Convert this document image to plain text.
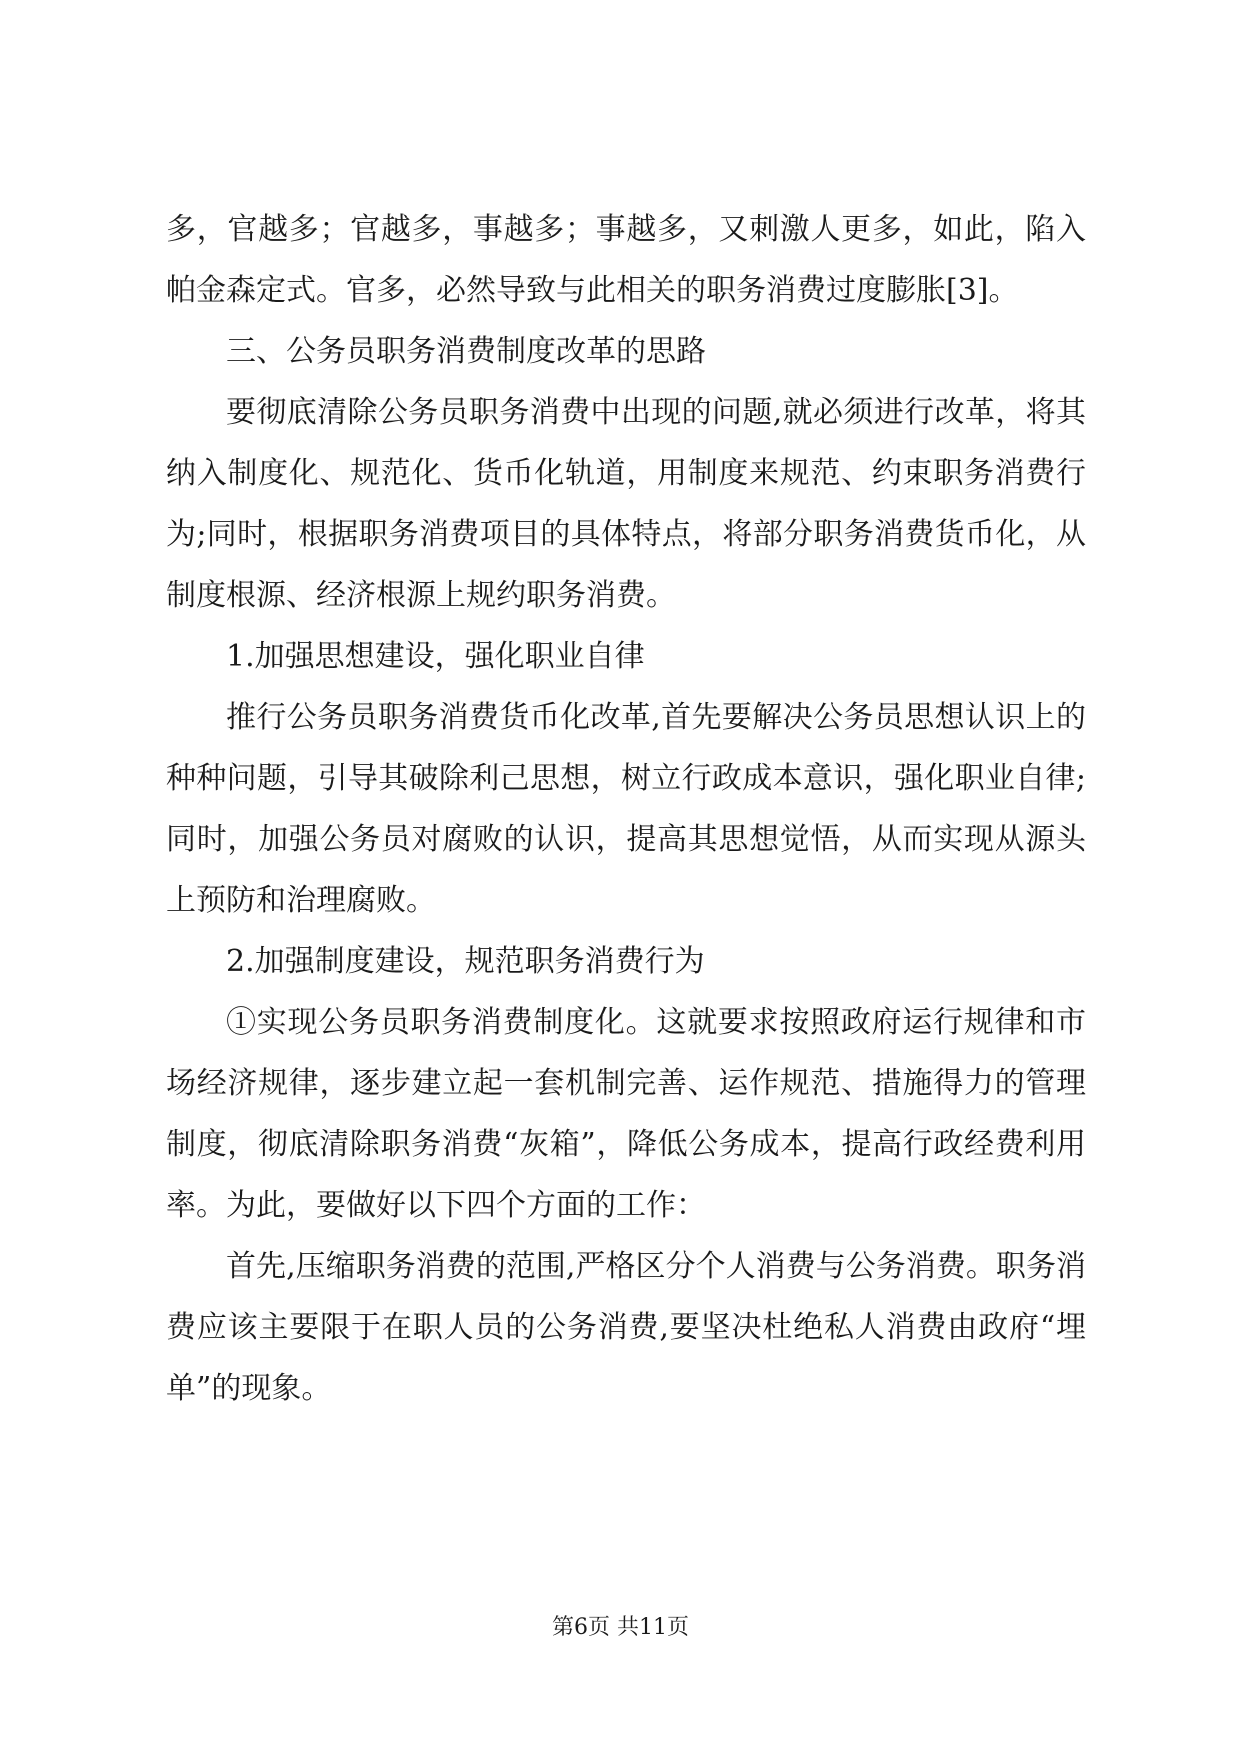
多，官越多；官越多，事越多；事越多，又刺激人更多，如此，陷入帕金森定式。官多，必然导致与此相关的职务消费过度膨胀[3]。

三、公务员职务消费制度改革的思路

要彻底清除公务员职务消费中出现的问题,就必须进行改革，将其纳入制度化、规范化、货币化轨道，用制度来规范、约束职务消费行为;同时，根据职务消费项目的具体特点，将部分职务消费货币化，从制度根源、经济根源上规约职务消费。

1.加强思想建设，强化职业自律

推行公务员职务消费货币化改革,首先要解决公务员思想认识上的种种问题，引导其破除利己思想，树立行政成本意识，强化职业自律;同时，加强公务员对腐败的认识，提高其思想觉悟，从而实现从源头上预防和治理腐败。

2.加强制度建设，规范职务消费行为

①实现公务员职务消费制度化。这就要求按照政府运行规律和市场经济规律，逐步建立起一套机制完善、运作规范、措施得力的管理制度，彻底清除职务消费“灰箱”，降低公务成本，提高行政经费利用率。为此，要做好以下四个方面的工作：

首先,压缩职务消费的范围,严格区分个人消费与公务消费。职务消费应该主要限于在职人员的公务消费,要坚决杜绝私人消费由政府“埋单”的现象。

第6页 共11页
